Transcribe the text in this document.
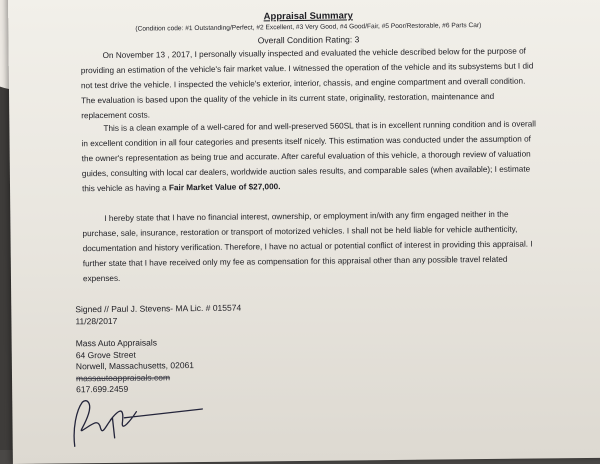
Appraisal Summary
(Condition code: #1 Outstanding/Perfect, #2 Excellent, #3 Very Good, #4 Good/Fair, #5 Poor/Restorable, #6 Parts Car)
Overall Condition Rating: 3

On November 13 , 2017, I personally visually inspected and evaluated the vehicle described below for the purpose of providing an estimation of the vehicle's fair market value. I witnessed the operation of the vehicle and its subsystems but I did not test drive the vehicle. I inspected the vehicle's exterior, interior, chassis, and engine compartment and overall condition. The evaluation is based upon the quality of the vehicle in its current state, originality, restoration, maintenance and replacement costs.

This is a clean example of a well-cared for and well-preserved 560SL that is in excellent running condition and is overall in excellent condition in all four categories and presents itself nicely. This estimation was conducted under the assumption of the owner's representation as being true and accurate. After careful evaluation of this vehicle, a thorough review of valuation guides, consulting with local car dealers, worldwide auction sales results, and comparable sales (when available); I estimate this vehicle as having a Fair Market Value of $27,000.

I hereby state that I have no financial interest, ownership, or employment in/with any firm engaged neither in the purchase, sale, insurance, restoration or transport of motorized vehicles. I shall not be held liable for vehicle authenticity, documentation and history verification. Therefore, I have no actual or potential conflict of interest in providing this appraisal. I further state that I have received only my fee as compensation for this appraisal other than any possible travel related expenses.

Signed // Paul J. Stevens- MA Lic. # 015574
11/28/2017
Mass Auto Appraisals
64 Grove Street
Norwell, Massachusetts, 02061
massautoappraisals.com
617.699.2459
